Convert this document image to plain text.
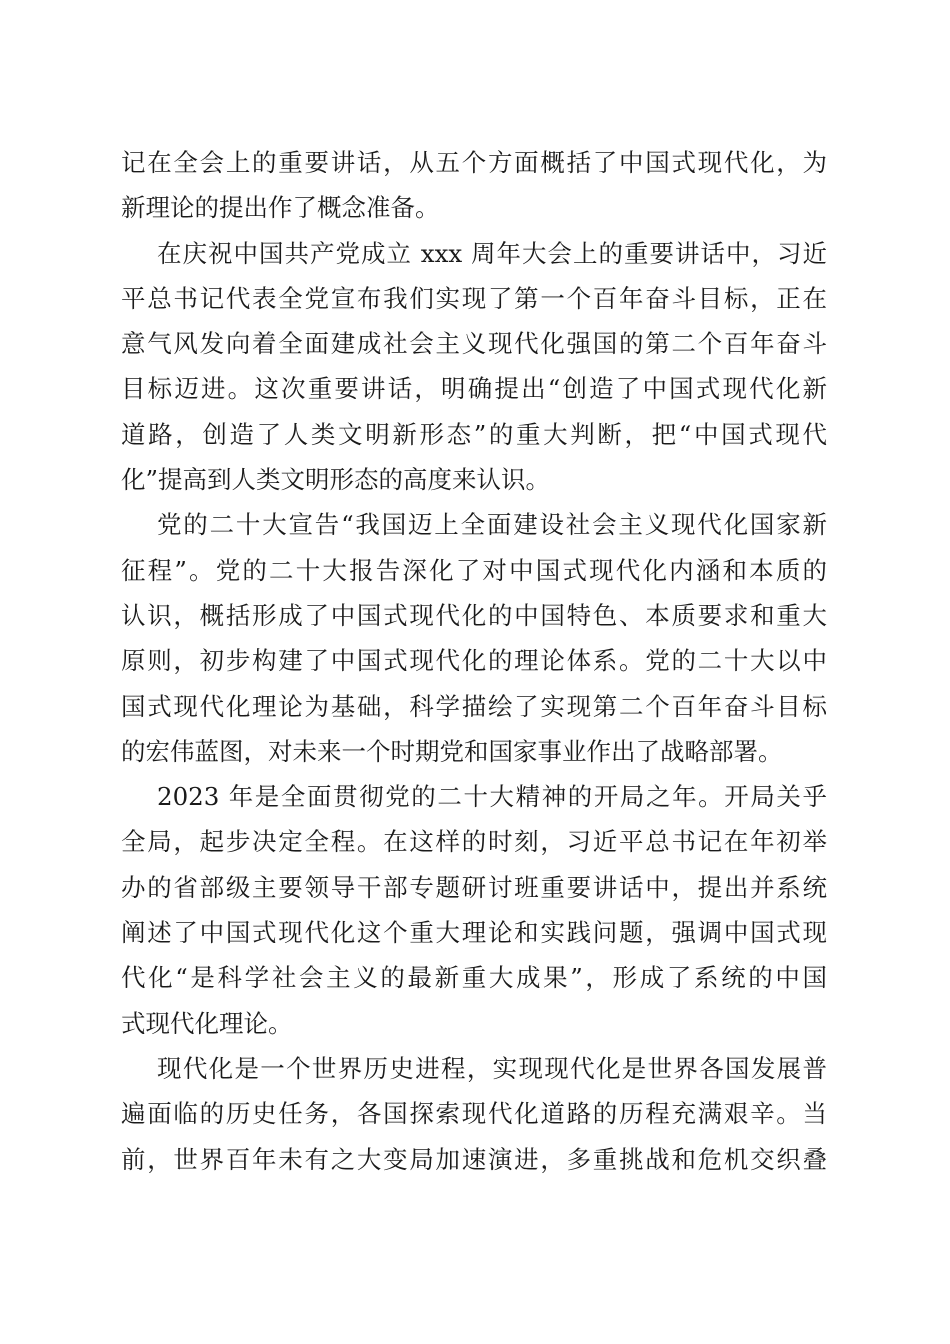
记在全会上的重要讲话，从五个方面概括了中国式现代化，为
新理论的提出作了概念准备。

在庆祝中国共产党成立 xxx 周年大会上的重要讲话中，习近
平总书记代表全党宣布我们实现了第一个百年奋斗目标，正在
意气风发向着全面建成社会主义现代化强国的第二个百年奋斗
目标迈进。这次重要讲话，明确提出“创造了中国式现代化新
道路，创造了人类文明新形态”的重大判断，把“中国式现代
化”提高到人类文明形态的高度来认识。

党的二十大宣告“我国迈上全面建设社会主义现代化国家新
征程”。党的二十大报告深化了对中国式现代化内涵和本质的
认识，概括形成了中国式现代化的中国特色、本质要求和重大
原则，初步构建了中国式现代化的理论体系。党的二十大以中
国式现代化理论为基础，科学描绘了实现第二个百年奋斗目标
的宏伟蓝图，对未来一个时期党和国家事业作出了战略部署。

2023 年是全面贯彻党的二十大精神的开局之年。开局关乎
全局，起步决定全程。在这样的时刻，习近平总书记在年初举
办的省部级主要领导干部专题研讨班重要讲话中，提出并系统
阐述了中国式现代化这个重大理论和实践问题，强调中国式现
代化“是科学社会主义的最新重大成果”，形成了系统的中国
式现代化理论。

现代化是一个世界历史进程，实现现代化是世界各国发展普
遍面临的历史任务，各国探索现代化道路的历程充满艰辛。当
前，世界百年未有之大变局加速演进，多重挑战和危机交织叠
